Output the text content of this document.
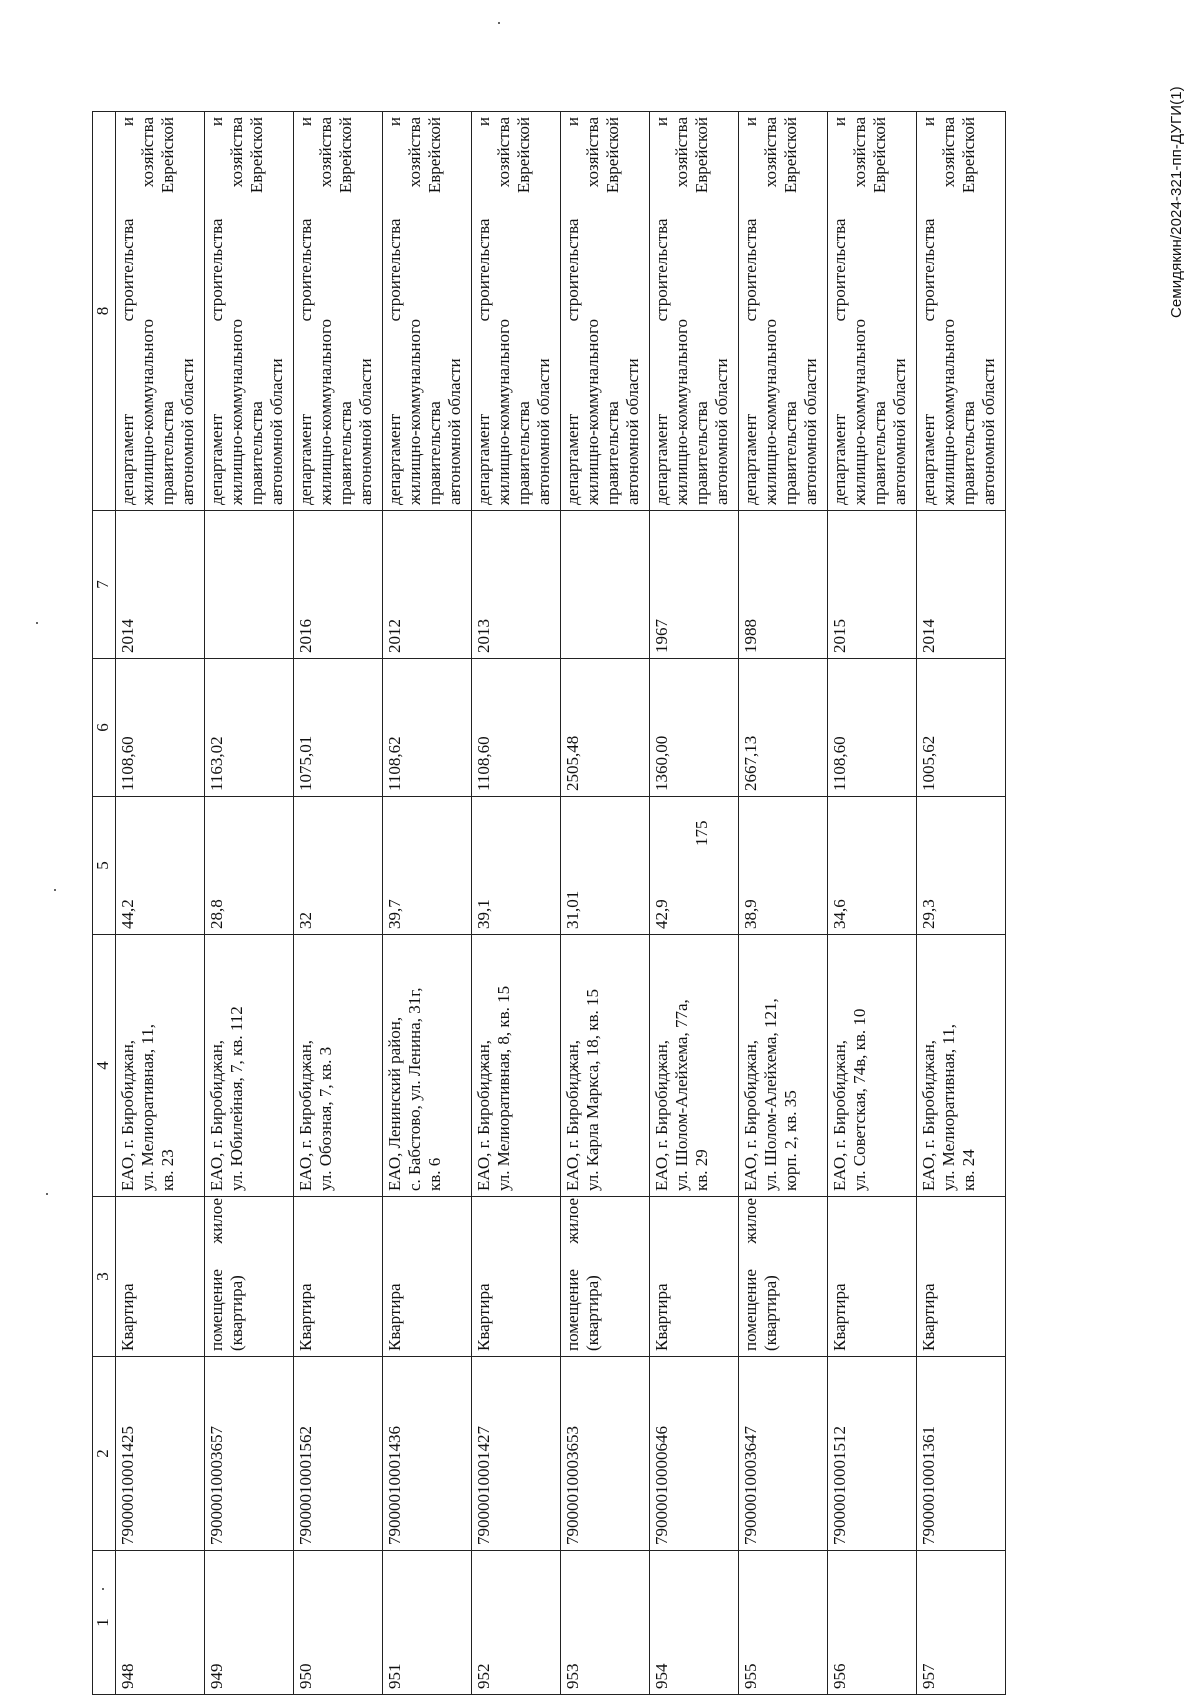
175
Семидякин/2024-321-пп-ДУГИ(1)
1	2	3	4	5	6	7	8
948	79000010001425	Квартира	ЕАО, г. Биробиджан,
ул. Мелиоративная, 11,
кв. 23	44,2	1108,60	2014	департамент строительства и жилищно-коммунального хозяйства правительства Еврейской автономной области

949	79000010003657	жилое
помещение (квартира)	ЕАО, г. Биробиджан,
ул. Юбилейная, 7, кв. 112	28,8	1163,02		департамент строительства и жилищно-коммунального хозяйства правительства Еврейской автономной области

950	79000010001562	Квартира	ЕАО, г. Биробиджан,
ул. Обозная, 7, кв. 3	32	1075,01	2016	департамент строительства и жилищно-коммунального хозяйства правительства Еврейской автономной области

951	79000010001436	Квартира	ЕАО, Ленинский район,
с. Бабстово, ул. Ленина, 31г,
кв. 6	39,7	1108,62	2012	департамент строительства и жилищно-коммунального хозяйства правительства Еврейской автономной области

952	79000010001427	Квартира	ЕАО, г. Биробиджан,
ул. Мелиоративная, 8, кв. 15	39,1	1108,60	2013	департамент строительства и жилищно-коммунального хозяйства правительства Еврейской автономной области

953	79000010003653	жилое
помещение (квартира)	ЕАО, г. Биробиджан,
ул. Карла Маркса, 18, кв. 15	31,01	2505,48		департамент строительства и жилищно-коммунального хозяйства правительства Еврейской автономной области

954	79000010000646	Квартира	ЕАО, г. Биробиджан,
ул. Шолом-Алейхема, 77а,
кв. 29	42,9	1360,00	1967	департамент строительства и жилищно-коммунального хозяйства правительства Еврейской автономной области

955	79000010003647	жилое
помещение (квартира)	ЕАО, г. Биробиджан,
ул. Шолом-Алейхема, 121,
корп. 2, кв. 35	38,9	2667,13	1988	департамент строительства и жилищно-коммунального хозяйства правительства Еврейской автономной области

956	79000010001512	Квартира	ЕАО, г. Биробиджан,
ул. Советская, 74в, кв. 10	34,6	1108,60	2015	департамент строительства и жилищно-коммунального хозяйства правительства Еврейской автономной области

957	79000010001361	Квартира	ЕАО, г. Биробиджан,
ул. Мелиоративная, 11,
кв. 24	29,3	1005,62	2014	департамент строительства и жилищно-коммунального хозяйства правительства Еврейской автономной области
